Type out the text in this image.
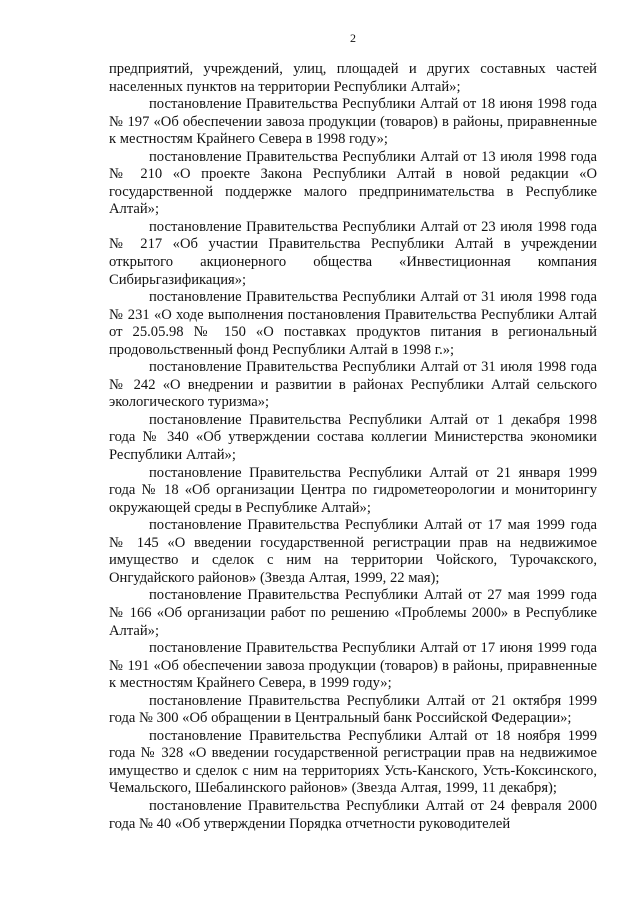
2

предприятий, учреждений, улиц, площадей и других составных частей населенных пунктов на территории Республики Алтай»;

постановление Правительства Республики Алтай от 18 июня 1998 года № 197 «Об обеспечении завоза продукции (товаров) в районы, приравненные к местностям Крайнего Севера в 1998 году»;

постановление Правительства Республики Алтай от 13 июля 1998 года № 210 «О проекте Закона Республики Алтай в новой редакции «О государственной поддержке малого предпринимательства в Республике Алтай»;

постановление Правительства Республики Алтай от 23 июля 1998 года № 217 «Об участии Правительства Республики Алтай в учреждении открытого акционерного общества «Инвестиционная компания Сибирьгазификация»;

постановление Правительства Республики Алтай от 31 июля 1998 года № 231 «О ходе выполнения постановления Правительства Республики Алтай от 25.05.98 № 150 «О поставках продуктов питания в региональный продовольственный фонд Республики Алтай в 1998 г.»;

постановление Правительства Республики Алтай от 31 июля 1998 года № 242 «О внедрении и развитии в районах Республики Алтай сельского экологического туризма»;

постановление Правительства Республики Алтай от 1 декабря 1998 года № 340 «Об утверждении состава коллегии Министерства экономики Республики Алтай»;

постановление Правительства Республики Алтай от 21 января 1999 года № 18 «Об организации Центра по гидрометеорологии и мониторингу окружающей среды в Республике Алтай»;

постановление Правительства Республики Алтай от 17 мая 1999 года № 145 «О введении государственной регистрации прав на недвижимое имущество и сделок с ним на территории Чойского, Турочакского, Онгудайского районов» (Звезда Алтая, 1999, 22 мая);

постановление Правительства Республики Алтай от 27 мая 1999 года № 166 «Об организации работ по решению «Проблемы 2000» в Республике Алтай»;

постановление Правительства Республики Алтай от 17 июня 1999 года № 191 «Об обеспечении завоза продукции (товаров) в районы, приравненные к местностям Крайнего Севера, в 1999 году»;

постановление Правительства Республики Алтай от 21 октября 1999 года № 300 «Об обращении в Центральный банк Российской Федерации»;

постановление Правительства Республики Алтай от 18 ноября 1999 года № 328 «О введении государственной регистрации прав на недвижимое имущество и сделок с ним на территориях Усть-Канского, Усть-Коксинского, Чемальского, Шебалинского районов» (Звезда Алтая, 1999, 11 декабря);

постановление Правительства Республики Алтай от 24 февраля 2000 года № 40 «Об утверждении Порядка отчетности руководителей
